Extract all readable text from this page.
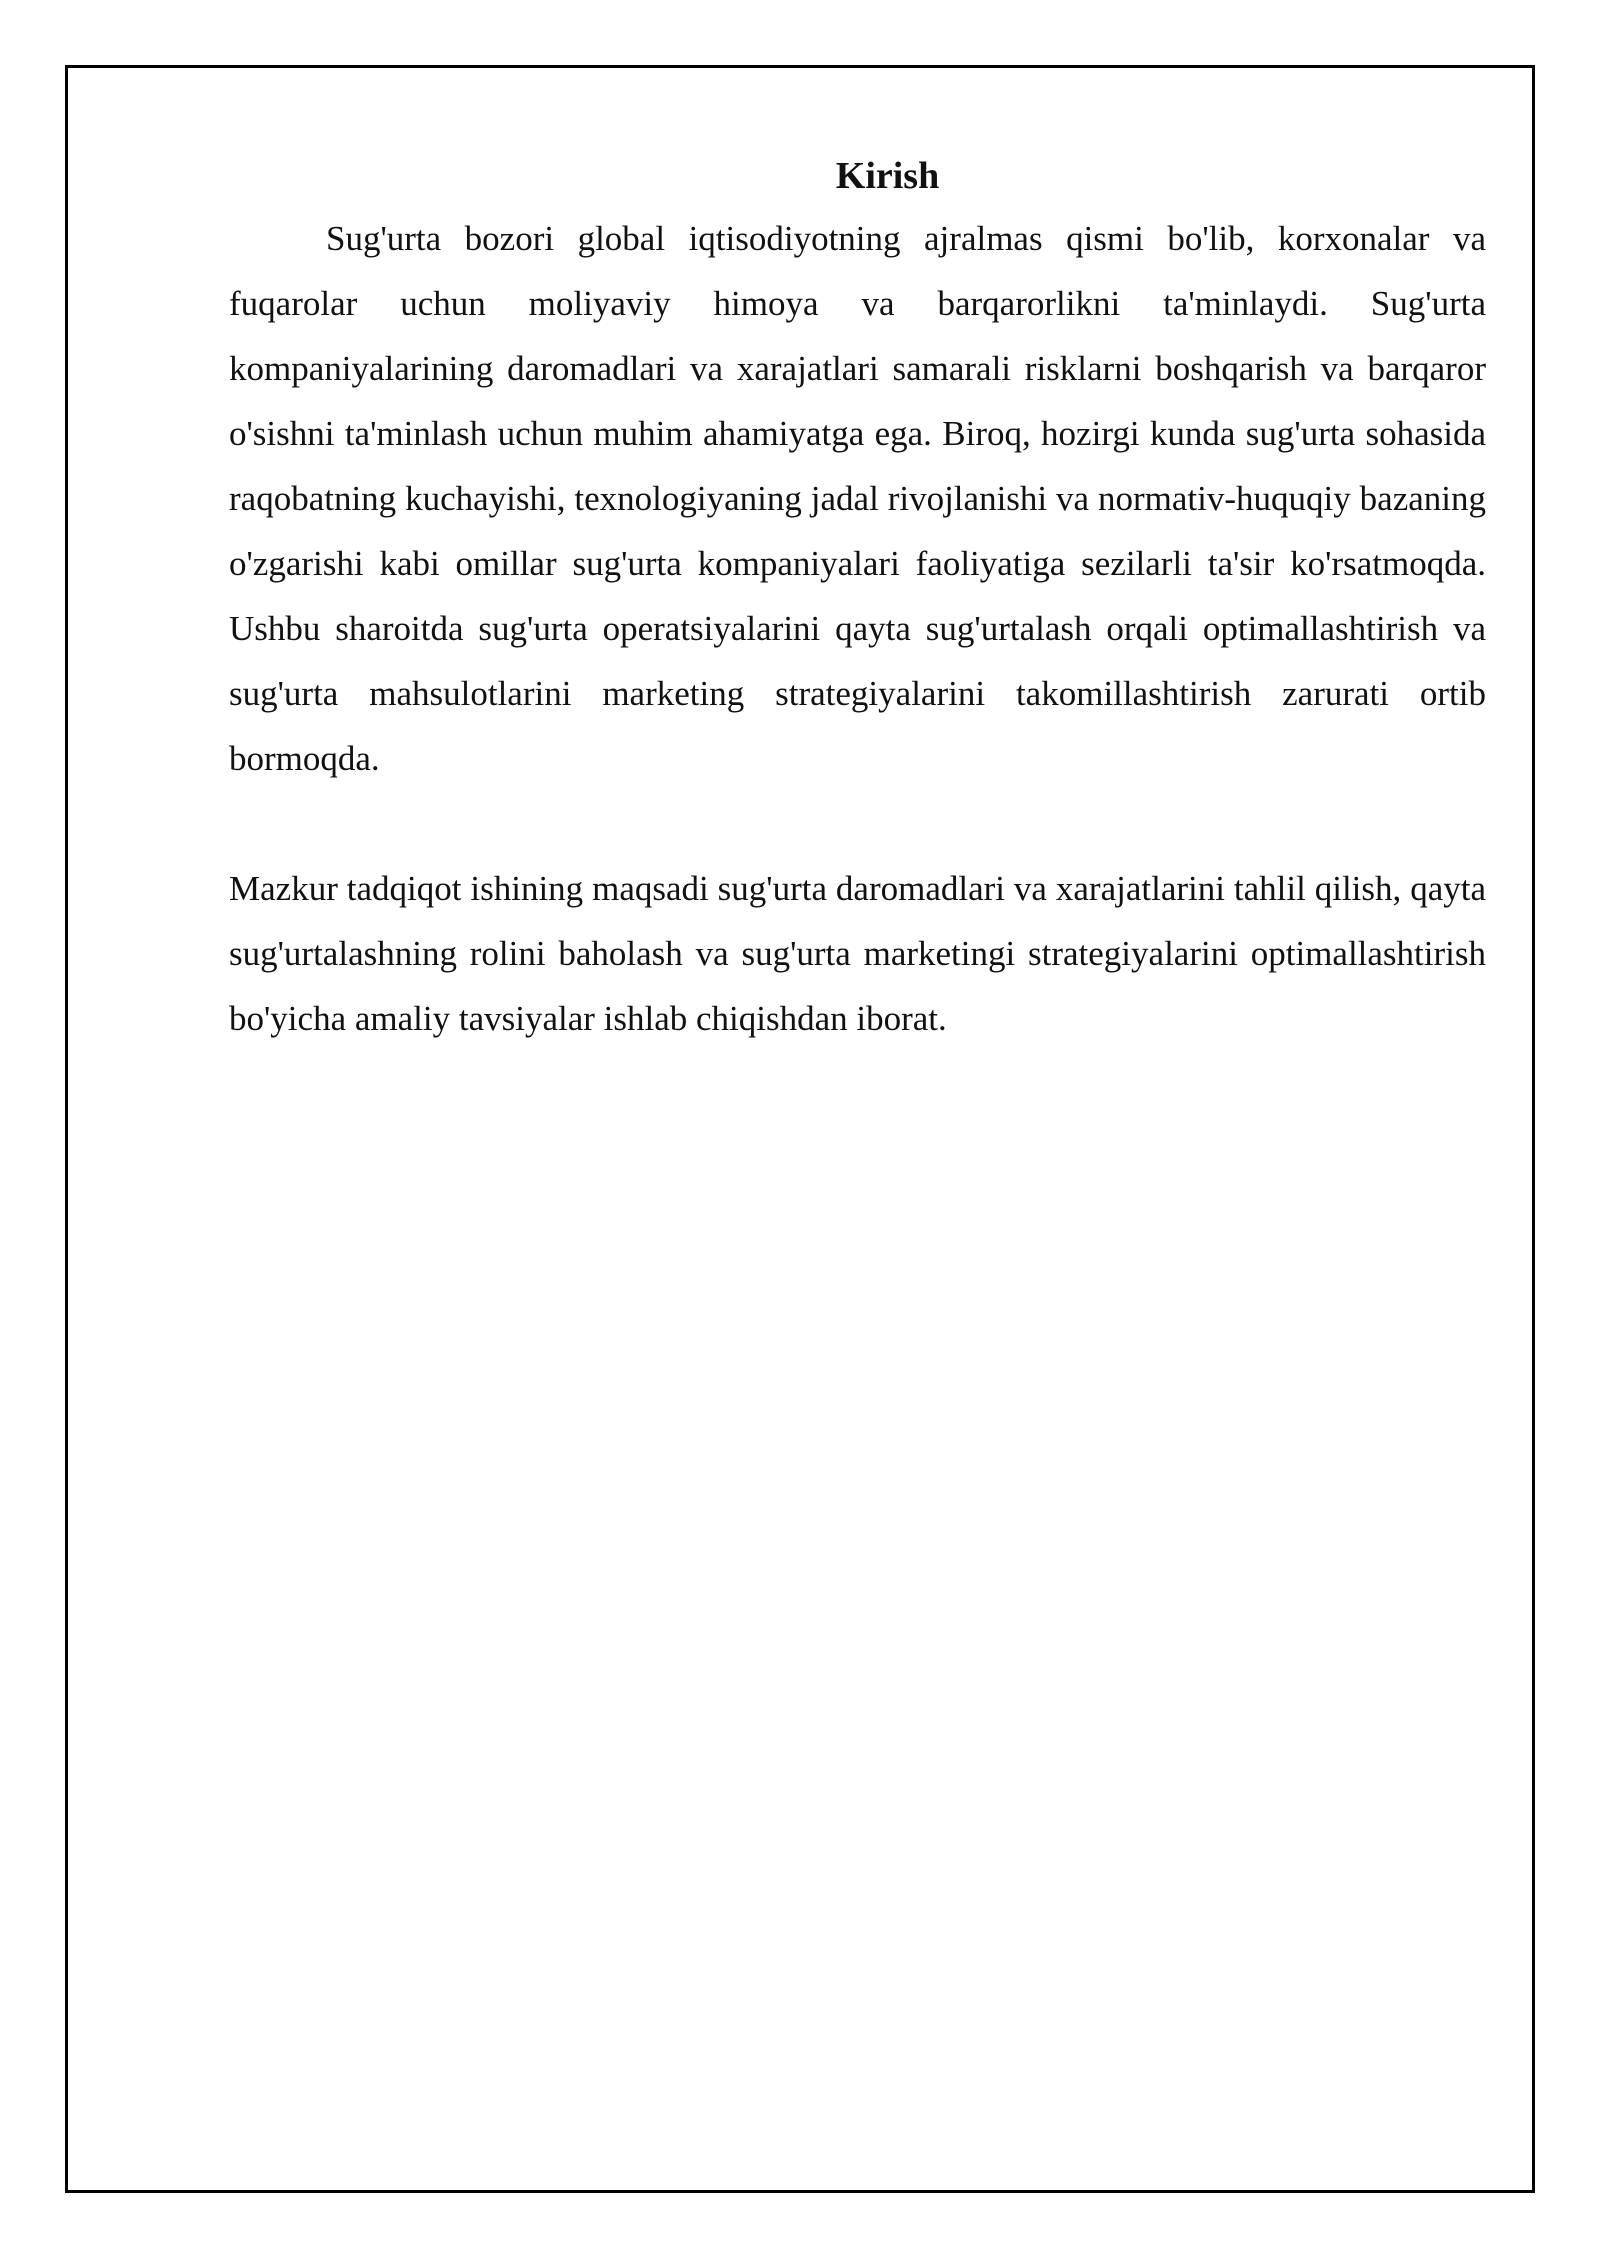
Kirish

Sug'urta bozori global iqtisodiyotning ajralmas qismi bo'lib, korxonalar va fuqarolar uchun moliyaviy himoya va barqarorlikni ta'minlaydi. Sug'urta kompaniyalarining daromadlari va xarajatlari samarali risklarni boshqarish va barqaror o'sishni ta'minlash uchun muhim ahamiyatga ega. Biroq, hozirgi kunda sug'urta sohasida raqobatning kuchayishi, texnologiyaning jadal rivojlanishi va normativ-huquqiy bazaning o'zgarishi kabi omillar sug'urta kompaniyalari faoliyatiga sezilarli ta'sir ko'rsatmoqda. Ushbu sharoitda sug'urta operatsiyalarini qayta sug'urtalash orqali optimallashtirish va sug'urta mahsulotlarini marketing strategiyalarini takomillashtirish zarurati ortib bormoqda.

Mazkur tadqiqot ishining maqsadi sug'urta daromadlari va xarajatlarini tahlil qilish, qayta sug'urtalashning rolini baholash va sug'urta marketingi strategiyalarini optimallashtirish bo'yicha amaliy tavsiyalar ishlab chiqishdan iborat.
